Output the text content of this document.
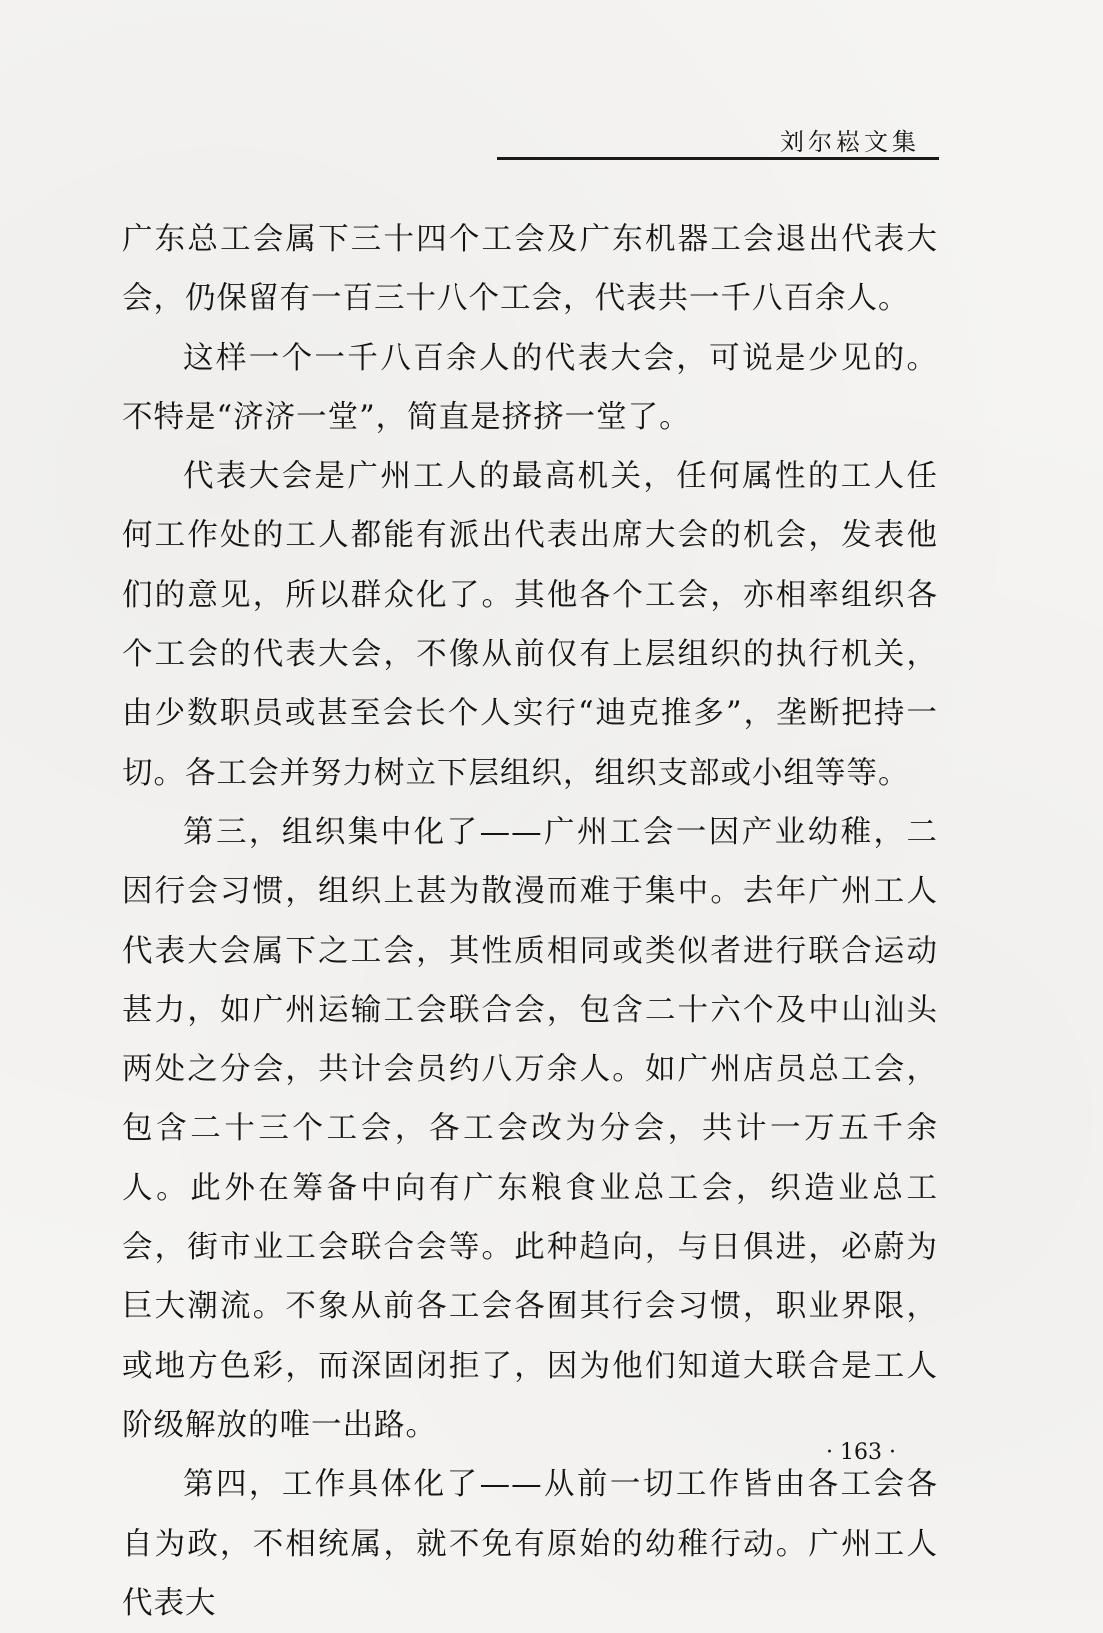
刘尔崧文集

广东总工会属下三十四个工会及广东机器工会退出代表大会，仍保留有一百三十八个工会，代表共一千八百余人。

这样一个一千八百余人的代表大会，可说是少见的。不特是“济济一堂”，简直是挤挤一堂了。

代表大会是广州工人的最高机关，任何属性的工人任何工作处的工人都能有派出代表出席大会的机会，发表他们的意见，所以群众化了。其他各个工会，亦相率组织各个工会的代表大会，不像从前仅有上层组织的执行机关，由少数职员或甚至会长个人实行“迪克推多”，垄断把持一切。各工会并努力树立下层组织，组织支部或小组等等。

第三，组织集中化了——广州工会一因产业幼稚，二因行会习惯，组织上甚为散漫而难于集中。去年广州工人代表大会属下之工会，其性质相同或类似者进行联合运动甚力，如广州运输工会联合会，包含二十六个及中山汕头两处之分会，共计会员约八万余人。如广州店员总工会，包含二十三个工会，各工会改为分会，共计一万五千余人。此外在筹备中向有广东粮食业总工会，织造业总工会，街市业工会联合会等。此种趋向，与日俱进，必蔚为巨大潮流。不象从前各工会各囿其行会习惯，职业界限，或地方色彩，而深固闭拒了，因为他们知道大联合是工人阶级解放的唯一出路。

第四，工作具体化了——从前一切工作皆由各工会各自为政，不相统属，就不免有原始的幼稚行动。广州工人代表大

· 163 ·
